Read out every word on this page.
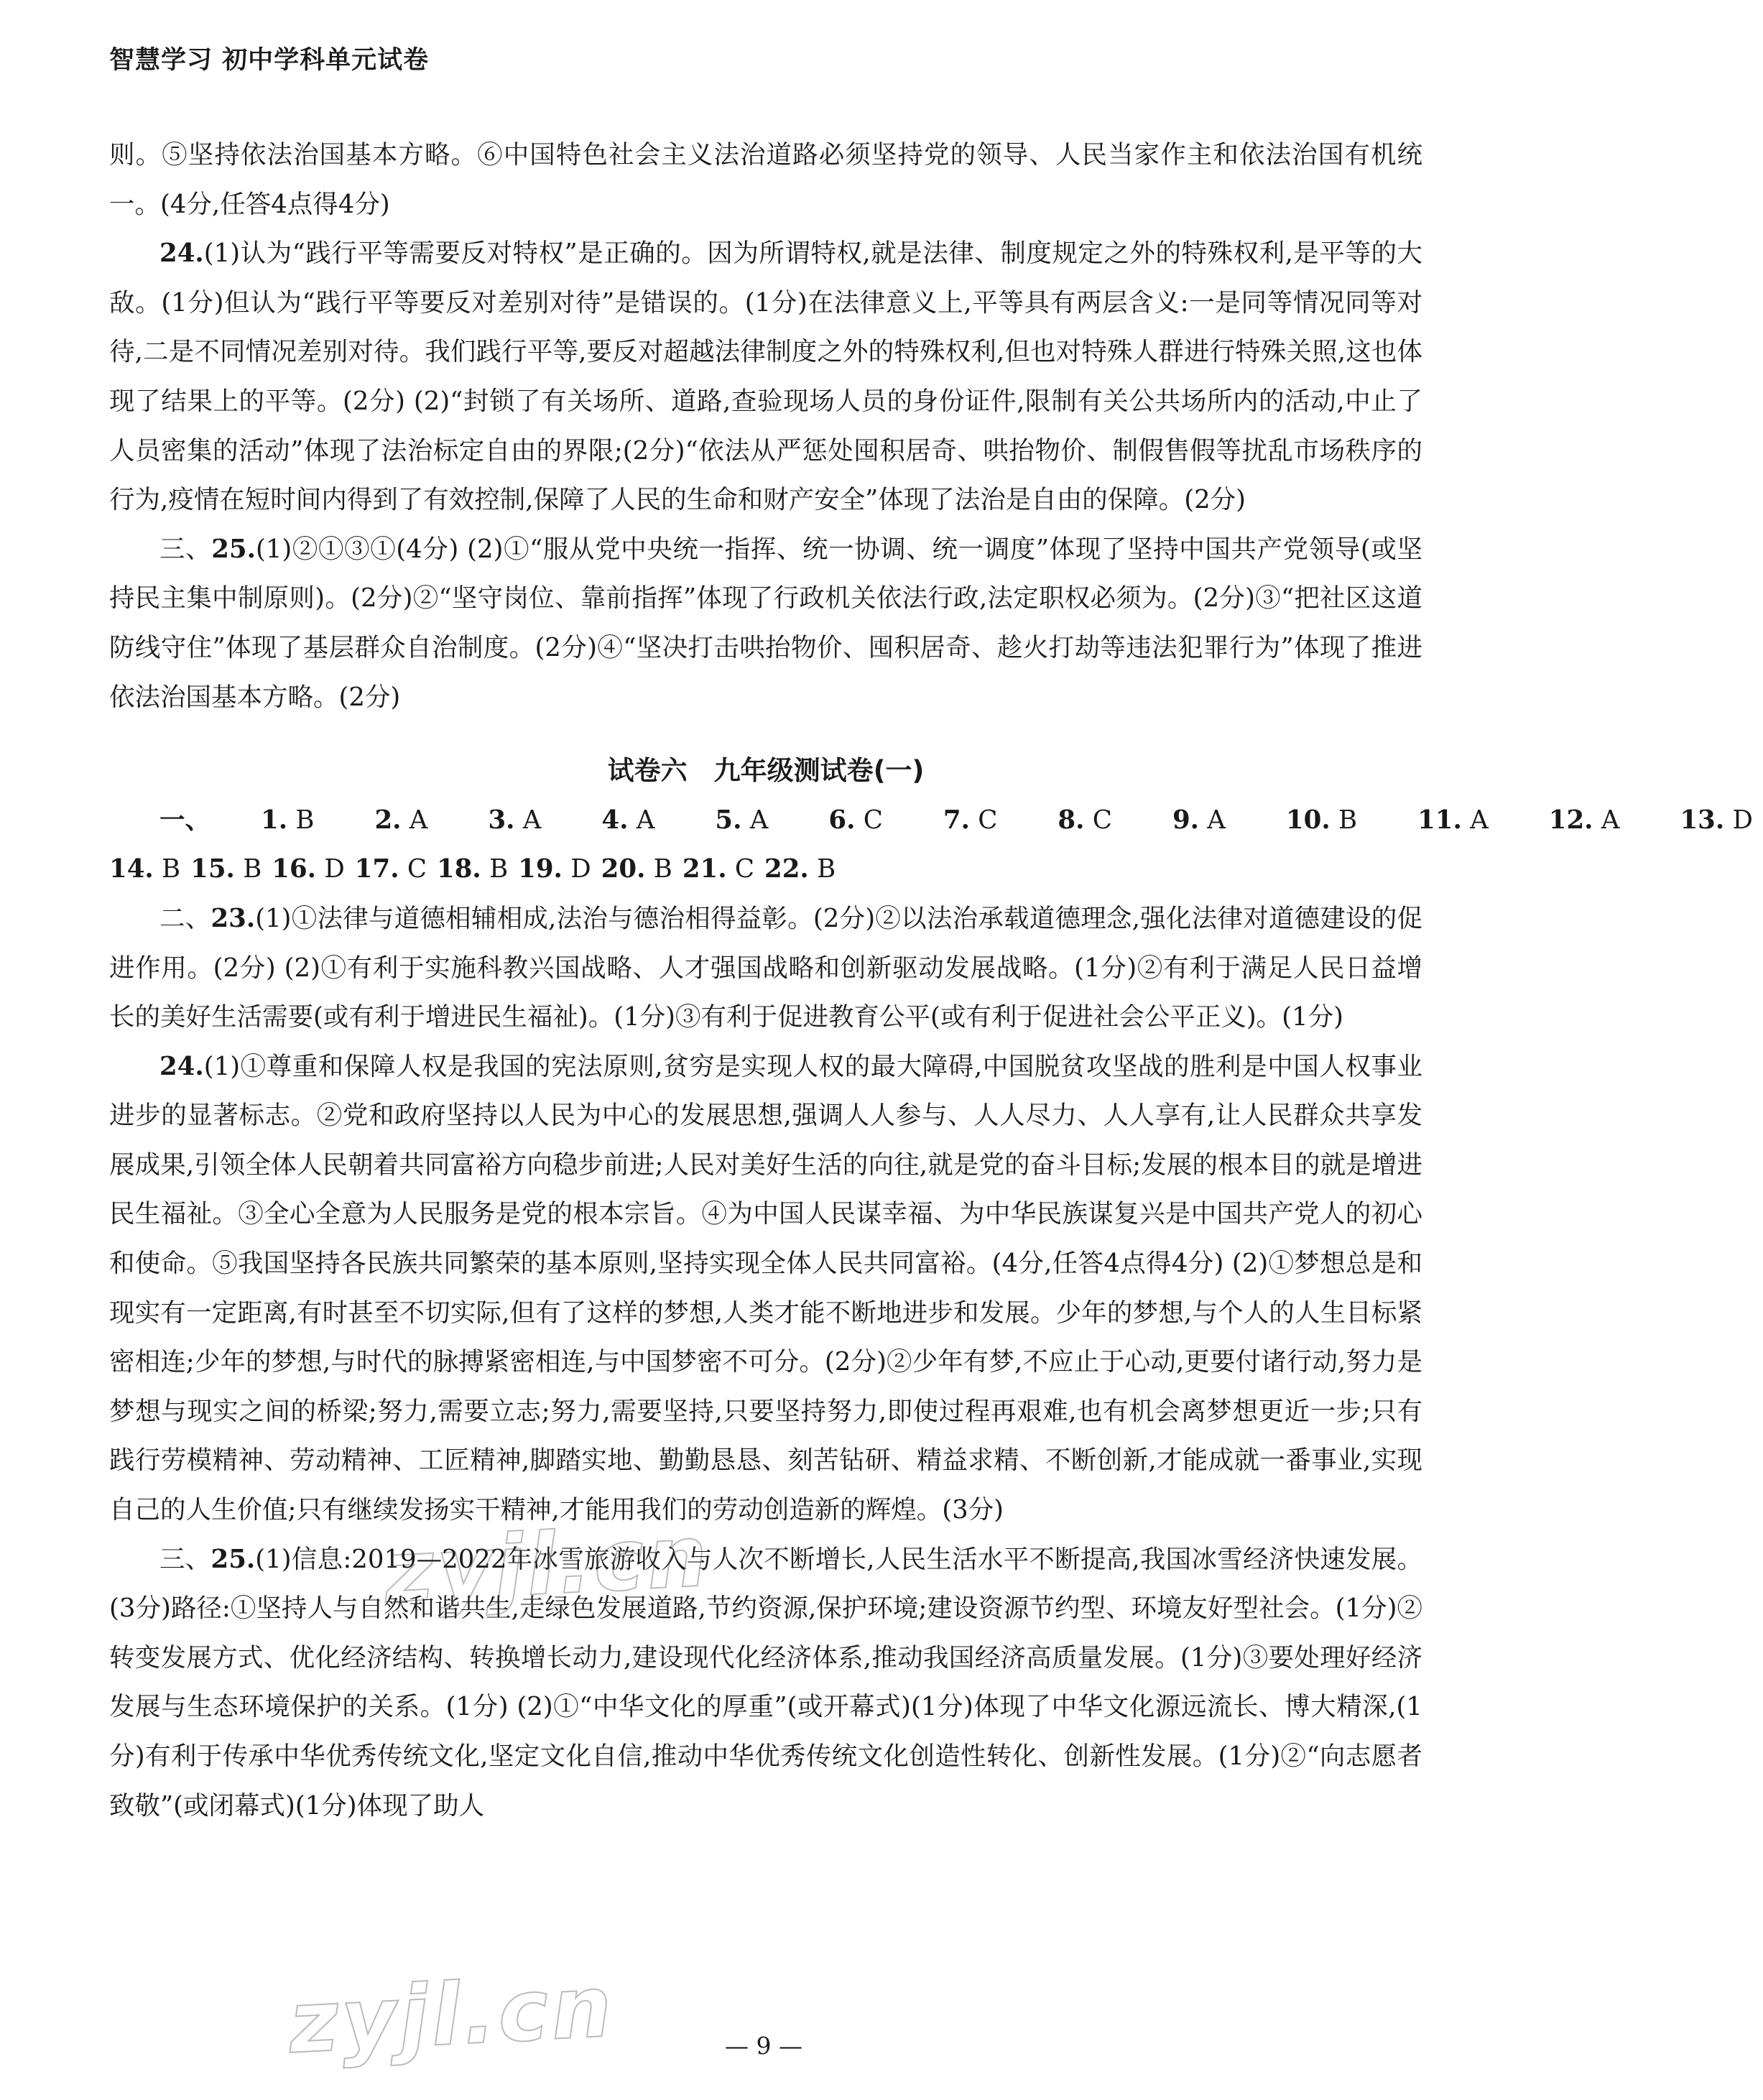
智慧学习 初中学科单元试卷

则。⑤坚持依法治国基本方略。⑥中国特色社会主义法治道路必须坚持党的领导、人民当家作主和依法治国有机统一。(4分,任答4点得4分)

24.(1)认为“践行平等需要反对特权”是正确的。因为所谓特权,就是法律、制度规定之外的特殊权利,是平等的大敌。(1分)但认为“践行平等要反对差别对待”是错误的。(1分)在法律意义上,平等具有两层含义:一是同等情况同等对待,二是不同情况差别对待。我们践行平等,要反对超越法律制度之外的特殊权利,但也对特殊人群进行特殊关照,这也体现了结果上的平等。(2分) (2)“封锁了有关场所、道路,查验现场人员的身份证件,限制有关公共场所内的活动,中止了人员密集的活动”体现了法治标定自由的界限;(2分)“依法从严惩处囤积居奇、哄抬物价、制假售假等扰乱市场秩序的行为,疫情在短时间内得到了有效控制,保障了人民的生命和财产安全”体现了法治是自由的保障。(2分)

三、25.(1)②①③①(4分) (2)①“服从党中央统一指挥、统一协调、统一调度”体现了坚持中国共产党领导(或坚持民主集中制原则)。(2分)②“坚守岗位、靠前指挥”体现了行政机关依法行政,法定职权必须为。(2分)③“把社区这道防线守住”体现了基层群众自治制度。(2分)④“坚决打击哄抬物价、囤积居奇、趁火打劫等违法犯罪行为”体现了推进依法治国基本方略。(2分)

试卷六　九年级测试卷(一)
一、 1. B2. A3. A4. A5. A6. C7. C8. C9. A10. B11. A12. A13. D
14. B15. B16. D17. C18. B19. D20. B21. C22. B

二、23.(1)①法律与道德相辅相成,法治与德治相得益彰。(2分)②以法治承载道德理念,强化法律对道德建设的促进作用。(2分) (2)①有利于实施科教兴国战略、人才强国战略和创新驱动发展战略。(1分)②有利于满足人民日益增长的美好生活需要(或有利于增进民生福祉)。(1分)③有利于促进教育公平(或有利于促进社会公平正义)。(1分)

24.(1)①尊重和保障人权是我国的宪法原则,贫穷是实现人权的最大障碍,中国脱贫攻坚战的胜利是中国人权事业进步的显著标志。②党和政府坚持以人民为中心的发展思想,强调人人参与、人人尽力、人人享有,让人民群众共享发展成果,引领全体人民朝着共同富裕方向稳步前进;人民对美好生活的向往,就是党的奋斗目标;发展的根本目的就是增进民生福祉。③全心全意为人民服务是党的根本宗旨。④为中国人民谋幸福、为中华民族谋复兴是中国共产党人的初心和使命。⑤我国坚持各民族共同繁荣的基本原则,坚持实现全体人民共同富裕。(4分,任答4点得4分) (2)①梦想总是和现实有一定距离,有时甚至不切实际,但有了这样的梦想,人类才能不断地进步和发展。少年的梦想,与个人的人生目标紧密相连;少年的梦想,与时代的脉搏紧密相连,与中国梦密不可分。(2分)②少年有梦,不应止于心动,更要付诸行动,努力是梦想与现实之间的桥梁;努力,需要立志;努力,需要坚持,只要坚持努力,即使过程再艰难,也有机会离梦想更近一步;只有践行劳模精神、劳动精神、工匠精神,脚踏实地、勤勤恳恳、刻苦钻研、精益求精、不断创新,才能成就一番事业,实现自己的人生价值;只有继续发扬实干精神,才能用我们的劳动创造新的辉煌。(3分)

三、25.(1)信息:2019—2022年冰雪旅游收入与人次不断增长,人民生活水平不断提高,我国冰雪经济快速发展。(3分)路径:①坚持人与自然和谐共生,走绿色发展道路,节约资源,保护环境;建设资源节约型、环境友好型社会。(1分)②转变发展方式、优化经济结构、转换增长动力,建设现代化经济体系,推动我国经济高质量发展。(1分)③要处理好经济发展与生态环境保护的关系。(1分) (2)①“中华文化的厚重”(或开幕式)(1分)体现了中华文化源远流长、博大精深,(1分)有利于传承中华优秀传统文化,坚定文化自信,推动中华优秀传统文化创造性转化、创新性发展。(1分)②“向志愿者致敬”(或闭幕式)(1分)体现了助人

— 9 —
zyjl.cn
zyjl.cn
